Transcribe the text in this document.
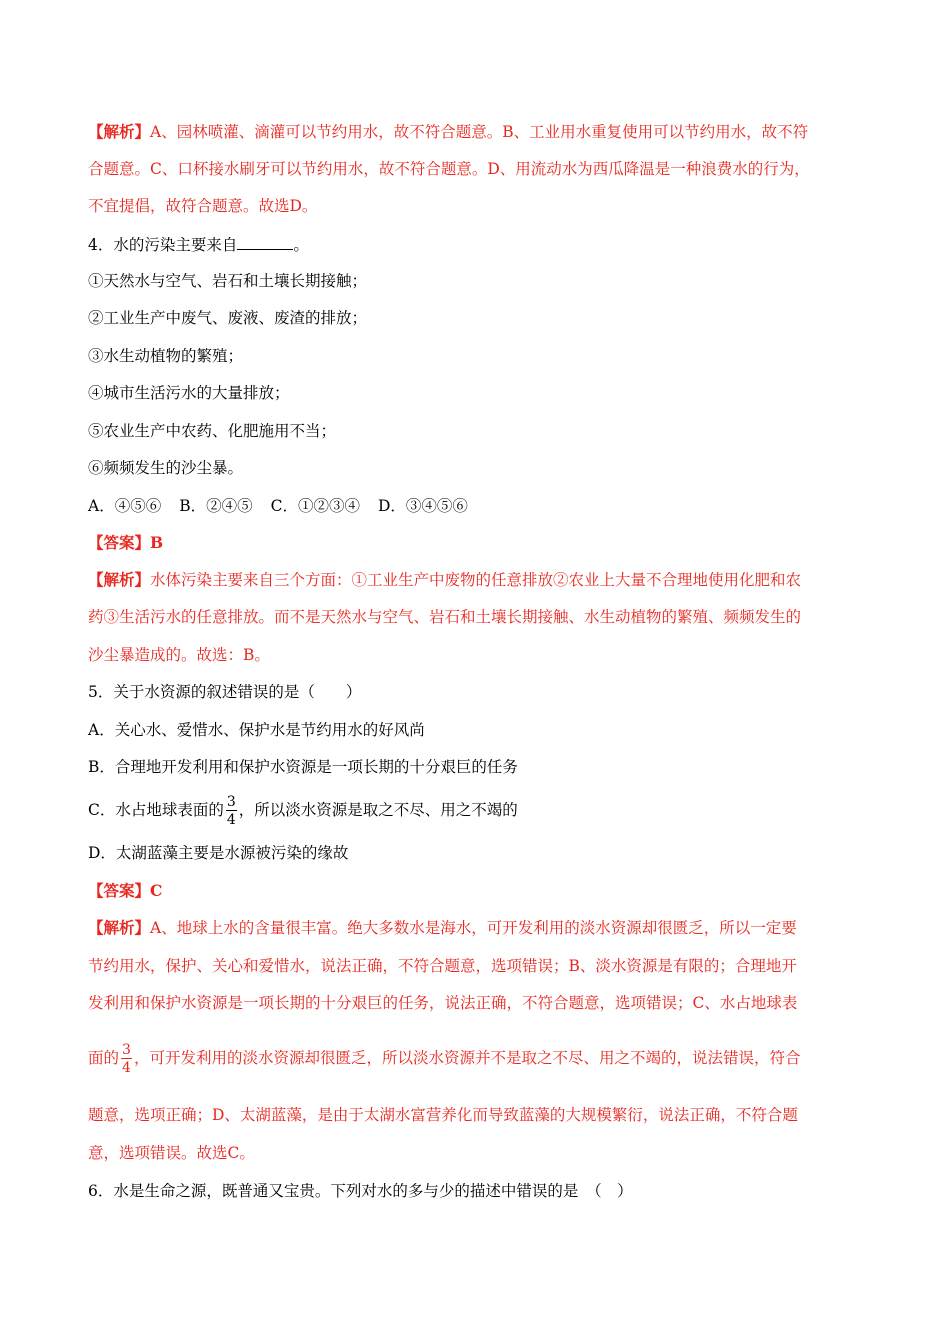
【解析】A、园林喷灌、滴灌可以节约用水，故不符合题意。B、工业用水重复使用可以节约用水，故不符
合题意。C、口杯接水刷牙可以节约用水，故不符合题意。D、用流动水为西瓜降温是一种浪费水的行为，
不宜提倡，故符合题意。故选D。
4．水的污染主要来自	。
①天然水与空气、岩石和土壤长期接触；
②工业生产中废气、废液、废渣的排放；
③水生动植物的繁殖；
④城市生活污水的大量排放；
⑤农业生产中农药、化肥施用不当；
⑥频频发生的沙尘暴。
A．④⑤⑥ B．②④⑤ C．①②③④ D．③④⑤⑥
【答案】B
【解析】水体污染主要来自三个方面：①工业生产中废物的任意排放②农业上大量不合理地使用化肥和农
药③生活污水的任意排放。而不是天然水与空气、岩石和土壤长期接触、水生动植物的繁殖、频频发生的
沙尘暴造成的。故选：B。
5．关于水资源的叙述错误的是（　　）
A．关心水、爱惜水、保护水是节约用水的好风尚
B．合理地开发利用和保护水资源是一项长期的十分艰巨的任务
C．水占地球表面的 $\frac{3}{4}$ ，所以淡水资源是取之不尽、用之不竭的
D．太湖蓝藻主要是水源被污染的缘故
【答案】C
【解析】A、地球上水的含量很丰富。绝大多数水是海水，可开发利用的淡水资源却很匮乏，所以一定要
节约用水，保护、关心和爱惜水，说法正确，不符合题意，选项错误；B、淡水资源是有限的；合理地开
发利用和保护水资源是一项长期的十分艰巨的任务，说法正确，不符合题意，选项错误；C、水占地球表
面的 $\frac{3}{4}$ ，可开发利用的淡水资源却很匮乏，所以淡水资源并不是取之不尽、用之不竭的，说法错误，符合
题意，选项正确；D、太湖蓝藻，是由于太湖水富营养化而导致蓝藻的大规模繁衍，说法正确，不符合题
意，选项错误。故选C。
6．水是生命之源，既普通又宝贵。下列对水的多与少的描述中错误的是　（　）
